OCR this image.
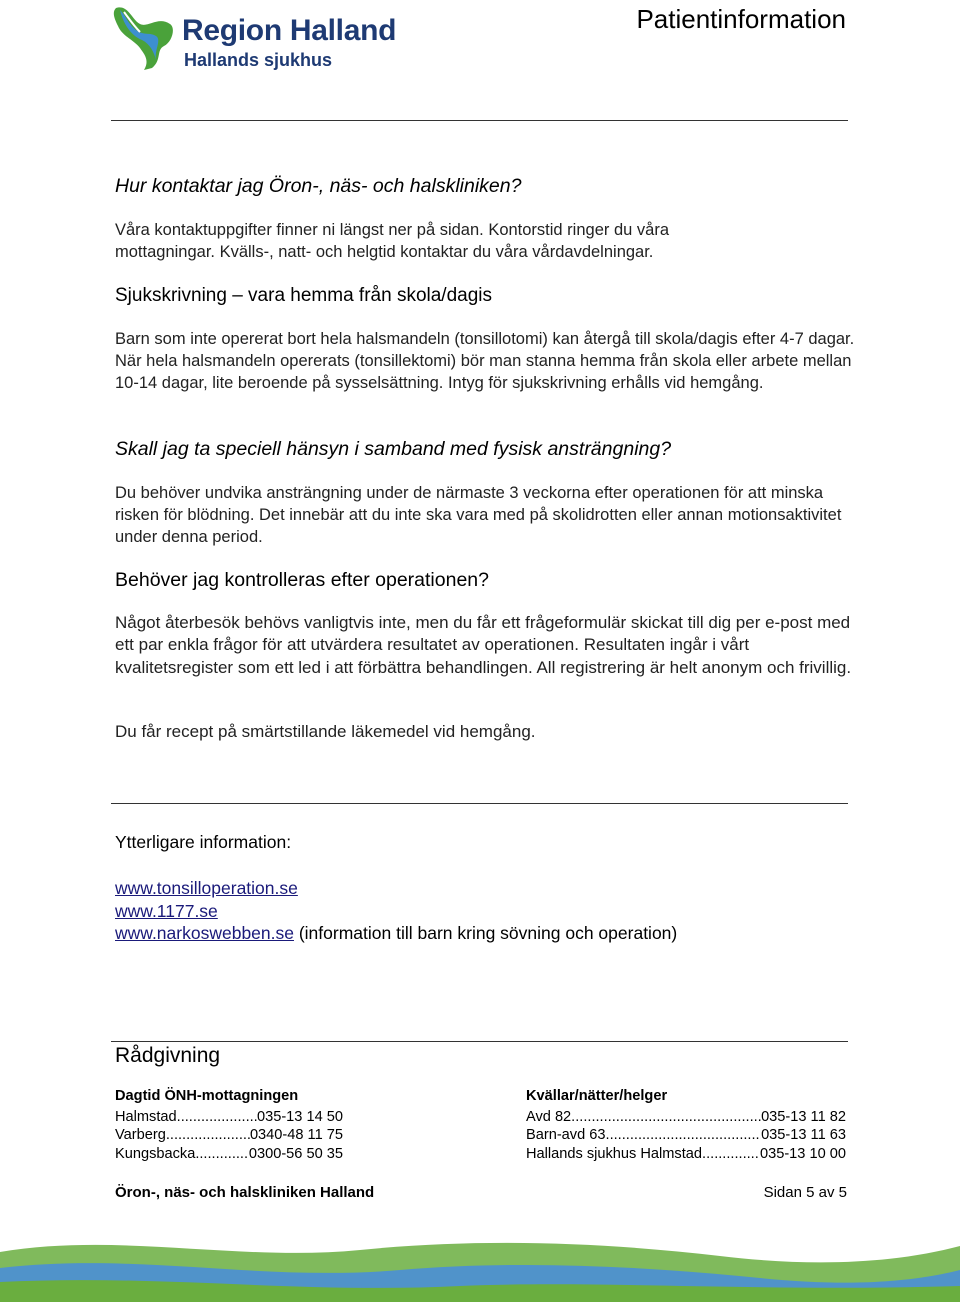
Region Halland
Hallands sjukhus
Patientinformation
Hur kontaktar jag Öron-, näs- och halskliniken?
Våra kontaktuppgifter finner ni längst ner på sidan. Kontorstid ringer du våra
mottagningar. Kvälls-, natt- och helgtid kontaktar du våra vårdavdelningar.
Sjukskrivning – vara hemma från skola/dagis
Barn som inte opererat bort hela halsmandeln (tonsillotomi) kan återgå till skola/dagis efter 4-7 dagar. När hela halsmandeln opererats (tonsillektomi) bör man stanna hemma från skola eller arbete mellan 10-14 dagar, lite beroende på sysselsättning. Intyg för sjukskrivning erhålls vid hemgång.
Skall jag ta speciell hänsyn i samband med fysisk ansträngning?
Du behöver undvika ansträngning under de närmaste 3 veckorna efter operationen för att minska risken för blödning. Det innebär att du inte ska vara med på skolidrotten eller annan motionsaktivitet under denna period.
Behöver jag kontrolleras efter operationen?
Något återbesök behövs vanligtvis inte, men du får ett frågeformulär skickat till dig per e-post med ett par enkla frågor för att utvärdera resultatet av operationen. Resultaten ingår i vårt kvalitetsregister som ett led i att förbättra behandlingen. All registrering är helt anonym och frivillig.
Du får recept på smärtstillande läkemedel vid hemgång.
Ytterligare information:
www.tonsilloperation.se
www.1177.se
www.narkoswebben.se (information till barn kring sövning och operation)
Rådgivning
Dagtid ÖNH-mottagningen
Halmstad .....	035-13 14 50
Varberg .....	0340-48 11 75
Kungsbacka .....	0300-56 50 35
Kvällar/nätter/helger
Avd 82 .....	035-13 11 82
Barn-avd 63 .....	035-13 11 63
Hallands sjukhus Halmstad .....	035-13 10 00
Öron-, näs- och halskliniken Halland	Sidan 5 av 5
